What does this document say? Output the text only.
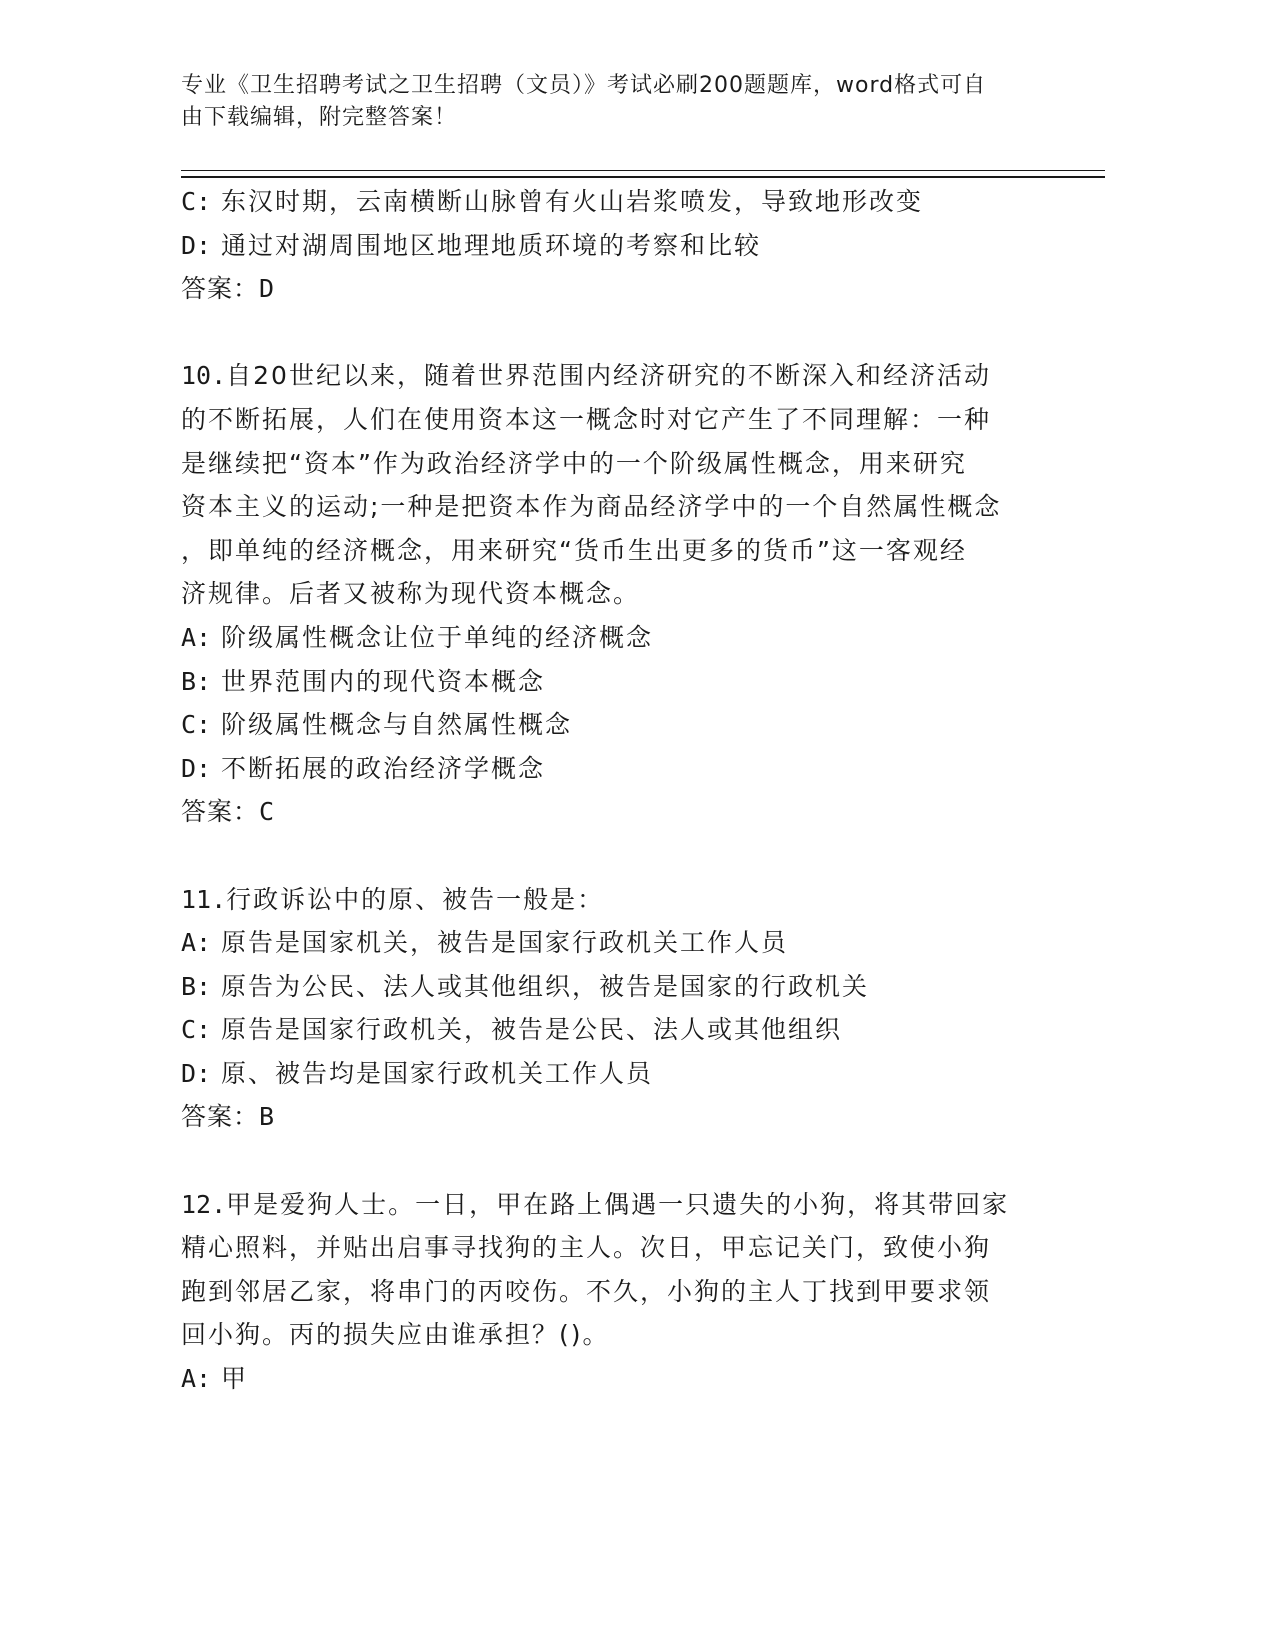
专业《卫生招聘考试之卫生招聘（文员）》考试必刷200题题库，word格式可自
由下载编辑，附完整答案！
C: 东汉时期，云南横断山脉曾有火山岩浆喷发，导致地形改变
D: 通过对湖周围地区地理地质环境的考察和比较
答案：D
10.自20世纪以来，随着世界范围内经济研究的不断深入和经济活动
的不断拓展，人们在使用资本这一概念时对它产生了不同理解：一种
是继续把“资本”作为政治经济学中的一个阶级属性概念，用来研究
资本主义的运动;一种是把资本作为商品经济学中的一个自然属性概念
，即单纯的经济概念，用来研究“货币生出更多的货币”这一客观经
济规律。后者又被称为现代资本概念。
A: 阶级属性概念让位于单纯的经济概念
B: 世界范围内的现代资本概念
C: 阶级属性概念与自然属性概念
D: 不断拓展的政治经济学概念
答案：C
11.行政诉讼中的原、被告一般是：
A: 原告是国家机关，被告是国家行政机关工作人员
B: 原告为公民、法人或其他组织，被告是国家的行政机关
C: 原告是国家行政机关，被告是公民、法人或其他组织
D: 原、被告均是国家行政机关工作人员
答案：B
12.甲是爱狗人士。一日，甲在路上偶遇一只遗失的小狗，将其带回家
精心照料，并贴出启事寻找狗的主人。次日，甲忘记关门，致使小狗
跑到邻居乙家，将串门的丙咬伤。不久，小狗的主人丁找到甲要求领
回小狗。丙的损失应由谁承担？()。
A: 甲
